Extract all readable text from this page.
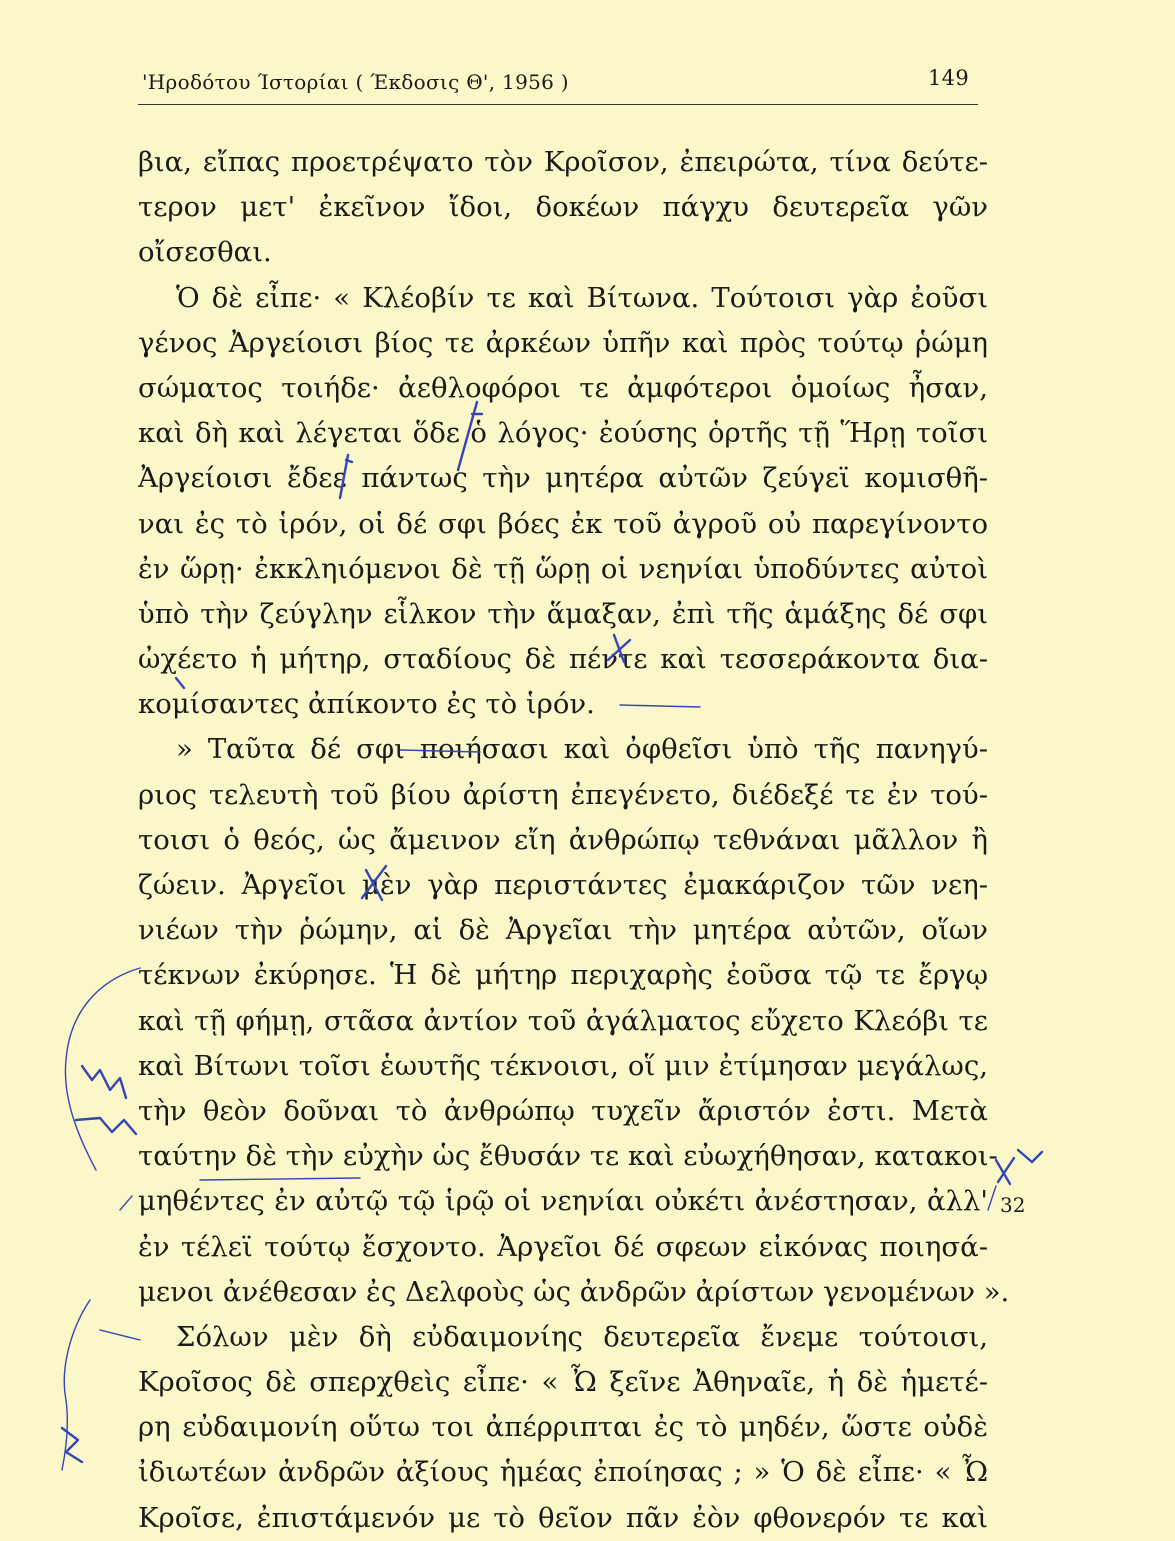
'Ηροδότου Ίστορίαι ( Έκδοσις Θ', 1956 )	149
βια, εἴπας προετρέψατο τὸν Κροῖσον, ἐπειρώτα, τίνα δεύτε-
τερον μετ' ἐκεῖνον ἴδοι, δοκέων πάγχυ δευτερεῖα γῶν
οἴσεσθαι.
Ὁ δὲ εἶπε· « Κλέοβίν τε καὶ Βίτωνα. Τούτοισι γὰρ ἐοῦσι
γένος Ἀργείοισι βίος τε ἀρκέων ὑπῆν καὶ πρὸς τούτῳ ῥώμη
σώματος τοιήδε· ἀεθλοφόροι τε ἀμφότεροι ὁμοίως ἦσαν,
καὶ δὴ καὶ λέγεται ὅδε ὁ λόγος· ἐούσης ὁρτῆς τῇ Ἥρῃ τοῖσι
Ἀργείοισι ἔδεε πάντως τὴν μητέρα αὐτῶν ζεύγεϊ κομισθῆ-
ναι ἐς τὸ ἱρόν, οἱ δέ σφι βόες ἐκ τοῦ ἀγροῦ οὐ παρεγίνοντο
ἐν ὥρῃ· ἐκκληιόμενοι δὲ τῇ ὥρῃ οἱ νεηνίαι ὑποδύντες αὐτοὶ
ὑπὸ τὴν ζεύγλην εἷλκον τὴν ἅμαξαν, ἐπὶ τῆς ἁμάξης δέ σφι
ὠχέετο ἡ μήτηρ, σταδίους δὲ πέντε καὶ τεσσεράκοντα δια-
κομίσαντες ἀπίκοντο ἐς τὸ ἱρόν.
» Ταῦτα δέ σφι ποιήσασι καὶ ὀφθεῖσι ὑπὸ τῆς πανηγύ-
ριος τελευτὴ τοῦ βίου ἀρίστη ἐπεγένετο, διέδεξέ τε ἐν τού-
τοισι ὁ θεός, ὡς ἄμεινον εἴη ἀνθρώπῳ τεθνάναι μᾶλλον ἢ
ζώειν. Ἀργεῖοι μὲν γὰρ περιστάντες ἐμακάριζον τῶν νεη-
νιέων τὴν ῥώμην, αἱ δὲ Ἀργεῖαι τὴν μητέρα αὐτῶν, οἵων
τέκνων ἐκύρησε. Ἡ δὲ μήτηρ περιχαρὴς ἐοῦσα τῷ τε ἔργῳ
καὶ τῇ φήμῃ, στᾶσα ἀντίον τοῦ ἀγάλματος εὔχετο Κλεόβι τε
καὶ Βίτωνι τοῖσι ἑωυτῆς τέκνοισι, οἵ μιν ἐτίμησαν μεγάλως,
τὴν θεὸν δοῦναι τὸ ἀνθρώπῳ τυχεῖν ἄριστόν ἐστι. Μετὰ
ταύτην δὲ τὴν εὐχὴν ὡς ἔθυσάν τε καὶ εὐωχήθησαν, κατακοι-
μηθέντες ἐν αὐτῷ τῷ ἱρῷ οἱ νεηνίαι οὐκέτι ἀνέστησαν, ἀλλ'
ἐν τέλεϊ τούτῳ ἔσχοντο. Ἀργεῖοι δέ σφεων εἰκόνας ποιησά-
μενοι ἀνέθεσαν ἐς Δελφοὺς ὡς ἀνδρῶν ἀρίστων γενομένων ».
Σόλων μὲν δὴ εὐδαιμονίης δευτερεῖα ἔνεμε τούτοισι,
Κροῖσος δὲ σπερχθεὶς εἶπε· « Ὦ ξεῖνε Ἀθηναῖε, ἡ δὲ ἡμετέ-
ρη εὐδαιμονίη οὕτω τοι ἀπέρριπται ἐς τὸ μηδέν, ὥστε οὐδὲ
ἰδιωτέων ἀνδρῶν ἀξίους ἡμέας ἐποίησας ; » Ὁ δὲ εἶπε· « Ὦ
Κροῖσε, ἐπιστάμενόν με τὸ θεῖον πᾶν ἐὸν φθονερόν τε καὶ
32
